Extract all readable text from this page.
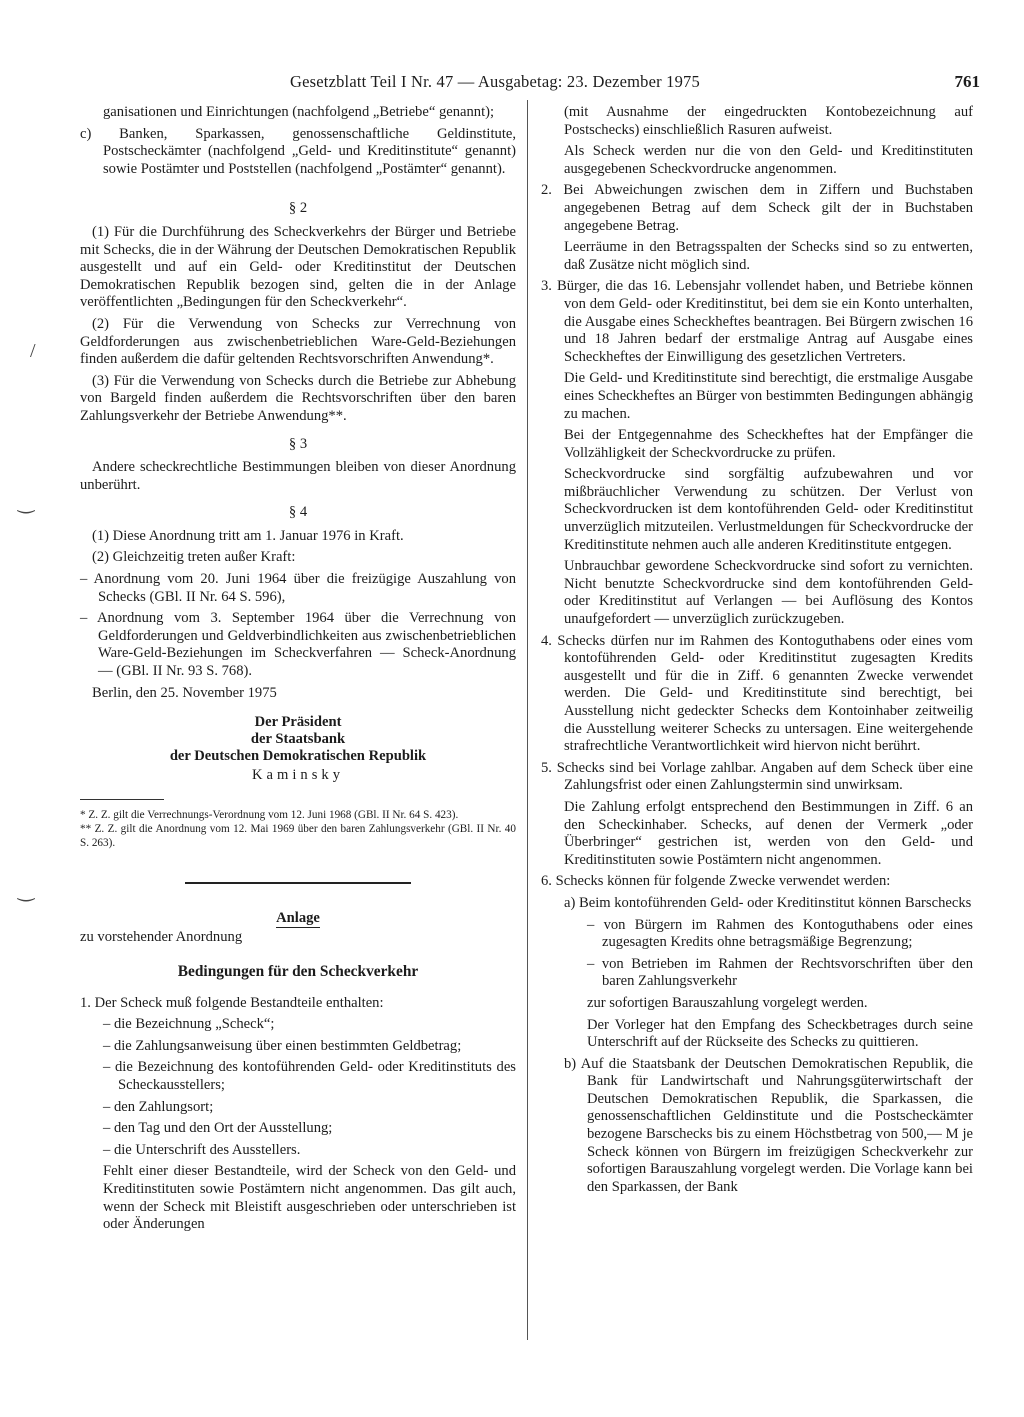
Gesetzblatt Teil I Nr. 47 — Ausgabetag: 23. Dezember 1975	761
/
‿
‿

ganisationen und Einrichtungen (nachfolgend „Betriebe“ genannt);

c) Banken, Sparkassen, genossenschaftliche Geldinstitute, Postscheckämter (nachfolgend „Geld- und Kreditinstitute“ genannt) sowie Postämter und Poststellen (nachfolgend „Postämter“ genannt).

§ 2

(1) Für die Durchführung des Scheckverkehrs der Bürger und Betriebe mit Schecks, die in der Währung der Deutschen Demokratischen Republik ausgestellt und auf ein Geld- oder Kreditinstitut der Deutschen Demokratischen Republik bezogen sind, gelten die in der Anlage veröffentlichten „Bedingungen für den Scheckverkehr“.

(2) Für die Verwendung von Schecks zur Verrechnung von Geldforderungen aus zwischenbetrieblichen Ware-Geld-Beziehungen finden außerdem die dafür geltenden Rechtsvorschriften Anwendung*.

(3) Für die Verwendung von Schecks durch die Betriebe zur Abhebung von Bargeld finden außerdem die Rechtsvorschriften über den baren Zahlungsverkehr der Betriebe Anwendung**.

§ 3

Andere scheckrechtliche Bestimmungen bleiben von dieser Anordnung unberührt.

§ 4

(1) Diese Anordnung tritt am 1. Januar 1976 in Kraft.

(2) Gleichzeitig treten außer Kraft:

– Anordnung vom 20. Juni 1964 über die freizügige Auszahlung von Schecks (GBl. II Nr. 64 S. 596),

– Anordnung vom 3. September 1964 über die Verrechnung von Geldforderungen und Geldverbindlichkeiten aus zwischenbetrieblichen Ware-Geld-Beziehungen im Scheckverfahren — Scheck-Anordnung — (GBl. II Nr. 93 S. 768).

Berlin, den 25. November 1975

Der Präsident

der Staatsbank

der Deutschen Demokratischen Republik

Kaminsky

* Z. Z. gilt die Verrechnungs-Verordnung vom 12. Juni 1968 (GBl. II Nr. 64 S. 423).

** Z. Z. gilt die Anordnung vom 12. Mai 1969 über den baren Zahlungsverkehr (GBl. II Nr. 40 S. 263).

Anlage

zu vorstehender Anordnung

Bedingungen für den Scheckverkehr

1. Der Scheck muß folgende Bestandteile enthalten:

– die Bezeichnung „Scheck“;

– die Zahlungsanweisung über einen bestimmten Geldbetrag;

– die Bezeichnung des kontoführenden Geld- oder Kreditinstituts des Scheckausstellers;

– den Zahlungsort;

– den Tag und den Ort der Ausstellung;

– die Unterschrift des Ausstellers.

Fehlt einer dieser Bestandteile, wird der Scheck von den Geld- und Kreditinstituten sowie Postämtern nicht angenommen. Das gilt auch, wenn der Scheck mit Bleistift ausgeschrieben oder unterschrieben ist oder Änderungen

(mit Ausnahme der eingedruckten Kontobezeichnung auf Postschecks) einschließlich Rasuren aufweist.

Als Scheck werden nur die von den Geld- und Kreditinstituten ausgegebenen Scheckvordrucke angenommen.

2. Bei Abweichungen zwischen dem in Ziffern und Buchstaben angegebenen Betrag auf dem Scheck gilt der in Buchstaben angegebene Betrag.

Leerräume in den Betragsspalten der Schecks sind so zu entwerten, daß Zusätze nicht möglich sind.

3. Bürger, die das 16. Lebensjahr vollendet haben, und Betriebe können von dem Geld- oder Kreditinstitut, bei dem sie ein Konto unterhalten, die Ausgabe eines Scheckheftes beantragen. Bei Bürgern zwischen 16 und 18 Jahren bedarf der erstmalige Antrag auf Ausgabe eines Scheckheftes der Einwilligung des gesetzlichen Vertreters.

Die Geld- und Kreditinstitute sind berechtigt, die erstmalige Ausgabe eines Scheckheftes an Bürger von bestimmten Bedingungen abhängig zu machen.

Bei der Entgegennahme des Scheckheftes hat der Empfänger die Vollzähligkeit der Scheckvordrucke zu prüfen.

Scheckvordrucke sind sorgfältig aufzubewahren und vor mißbräuchlicher Verwendung zu schützen. Der Verlust von Scheckvordrucken ist dem kontoführenden Geld- oder Kreditinstitut unverzüglich mitzuteilen. Verlustmeldungen für Scheckvordrucke der Kreditinstitute nehmen auch alle anderen Kreditinstitute entgegen.

Unbrauchbar gewordene Scheckvordrucke sind sofort zu vernichten. Nicht benutzte Scheckvordrucke sind dem kontoführenden Geld- oder Kreditinstitut auf Verlangen — bei Auflösung des Kontos unaufgefordert — unverzüglich zurückzugeben.

4. Schecks dürfen nur im Rahmen des Kontoguthabens oder eines vom kontoführenden Geld- oder Kreditinstitut zugesagten Kredits ausgestellt und für die in Ziff. 6 genannten Zwecke verwendet werden. Die Geld- und Kreditinstitute sind berechtigt, bei Ausstellung nicht gedeckter Schecks dem Kontoinhaber zeitweilig die Ausstellung weiterer Schecks zu untersagen. Eine weitergehende strafrechtliche Verantwortlichkeit wird hiervon nicht berührt.

5. Schecks sind bei Vorlage zahlbar. Angaben auf dem Scheck über eine Zahlungsfrist oder einen Zahlungstermin sind unwirksam.

Die Zahlung erfolgt entsprechend den Bestimmungen in Ziff. 6 an den Scheckinhaber. Schecks, auf denen der Vermerk „oder Überbringer“ gestrichen ist, werden von den Geld- und Kreditinstituten sowie Postämtern nicht angenommen.

6. Schecks können für folgende Zwecke verwendet werden:

a) Beim kontoführenden Geld- oder Kreditinstitut können Barschecks

– von Bürgern im Rahmen des Kontoguthabens oder eines zugesagten Kredits ohne betragsmäßige Begrenzung;

– von Betrieben im Rahmen der Rechtsvorschriften über den baren Zahlungsverkehr

zur sofortigen Barauszahlung vorgelegt werden.

Der Vorleger hat den Empfang des Scheckbetrages durch seine Unterschrift auf der Rückseite des Schecks zu quittieren.

b) Auf die Staatsbank der Deutschen Demokratischen Republik, die Bank für Landwirtschaft und Nahrungsgüterwirtschaft der Deutschen Demokratischen Republik, die Sparkassen, die genossenschaftlichen Geldinstitute und die Postscheckämter bezogene Barschecks bis zu einem Höchstbetrag von 500,— M je Scheck können von Bürgern im freizügigen Scheckverkehr zur sofortigen Barauszahlung vorgelegt werden. Die Vorlage kann bei den Sparkassen, der Bank
